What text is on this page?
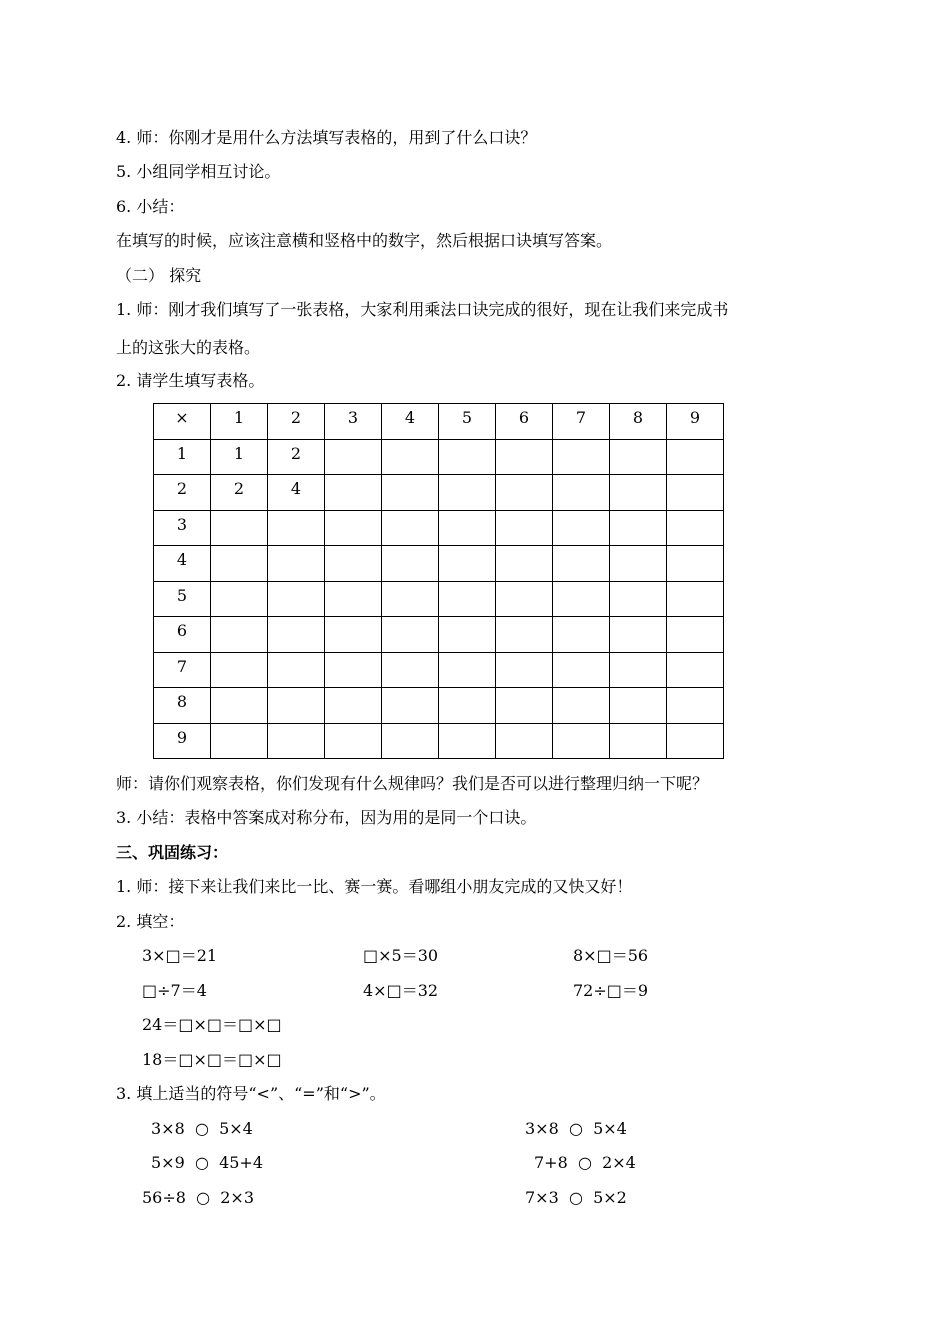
4. 师：你刚才是用什么方法填写表格的，用到了什么口诀？
5. 小组同学相互讨论。
6. 小结：
在填写的时候，应该注意横和竖格中的数字，然后根据口诀填写答案。
（二） 探究
1. 师：刚才我们填写了一张表格，大家利用乘法口诀完成的很好，现在让我们来完成书
上的这张大的表格。
2. 请学生填写表格。
×	1	2	3	4	5	6	7	8	9
1	1	2							
2	2	4							
3									
4									
5									
6									
7									
8									
9									
师：请你们观察表格，你们发现有什么规律吗？我们是否可以进行整理归纳一下呢？
3. 小结：表格中答案成对称分布，因为用的是同一个口诀。
三、巩固练习：
1. 师：接下来让我们来比一比、赛一赛。看哪组小朋友完成的又快又好！
2. 填空：
3×□＝21	□×5＝30	8×□＝56
□÷7＝4	4×□＝32	72÷□＝9
24＝□×□＝□×□
18＝□×□＝□×□
3. 填上适当的符号“<”、“=”和“>”。
3×8  ○  5×4
5×9  ○  45+4
56÷8  ○  2×3
3×8  ○  5×4
7+8  ○  2×4
7×3  ○  5×2
